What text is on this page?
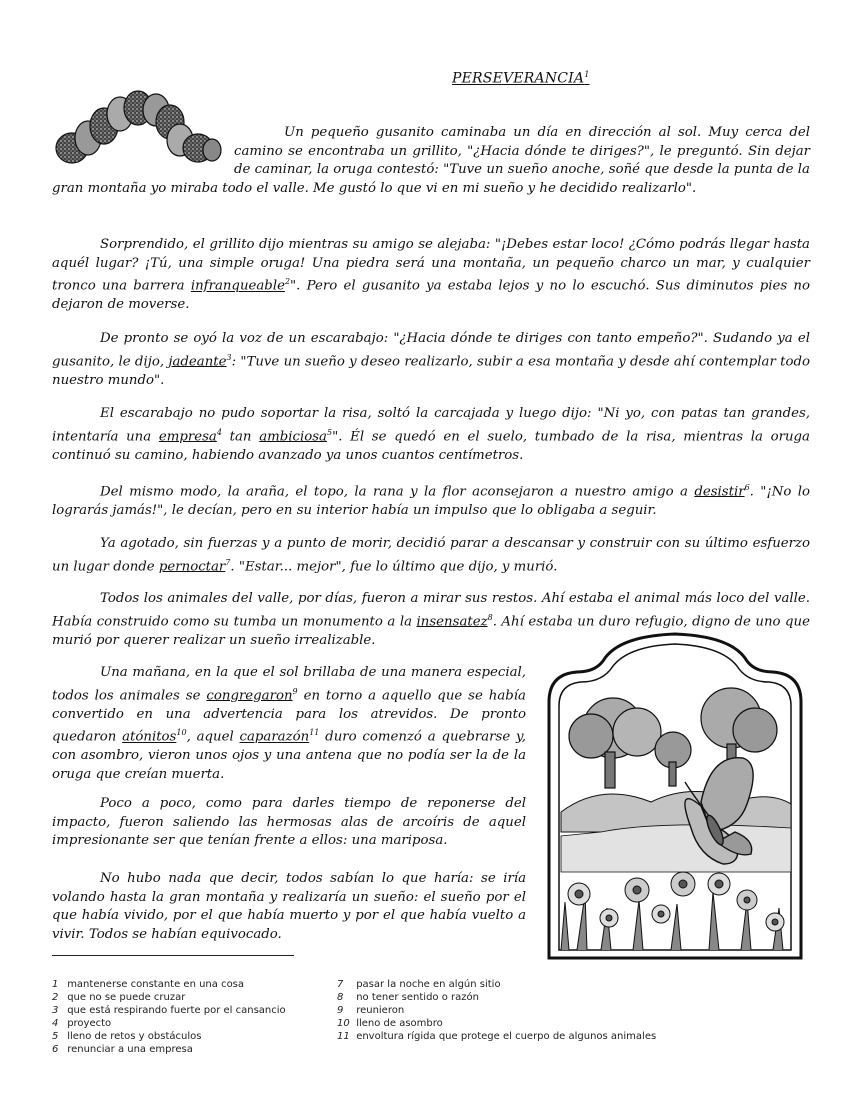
PERSEVERANCIA$^1$

Un pequeño gusanito caminaba un día en dirección al sol. Muy cerca del camino se encontraba un grillito, "¿Hacia dónde te diriges?", le preguntó. Sin dejar de caminar, la oruga contestó: "Tuve un sueño anoche, soñé que desde la punta de la gran montaña yo miraba todo el valle. Me gustó lo que vi en mi sueño y he decidido realizarlo".

Sorprendido, el grillito dijo mientras su amigo se alejaba: "¡Debes estar loco! ¿Cómo podrás llegar hasta aquél lugar? ¡Tú, una simple oruga! Una piedra será una montaña, un pequeño charco un mar, y cualquier tronco una barrera infranqueable$^2$". Pero el gusanito ya estaba lejos y no lo escuchó. Sus diminutos pies no dejaron de moverse.

De pronto se oyó la voz de un escarabajo: "¿Hacia dónde te diriges con tanto empeño?". Sudando ya el gusanito, le dijo, jadeante$^3$: "Tuve un sueño y deseo realizarlo, subir a esa montaña y desde ahí contemplar todo nuestro mundo".

El escarabajo no pudo soportar la risa, soltó la carcajada y luego dijo: "Ni yo, con patas tan grandes, intentaría una empresa$^4$ tan ambiciosa$^5$". Él se quedó en el suelo, tumbado de la risa, mientras la oruga continuó su camino, habiendo avanzado ya unos cuantos centímetros.

Del mismo modo, la araña, el topo, la rana y la flor aconsejaron a nuestro amigo a desistir$^6$. "¡No lo lograrás jamás!", le decían, pero en su interior había un impulso que lo obligaba a seguir.

Ya agotado, sin fuerzas y a punto de morir, decidió parar a descansar y construir con su último esfuerzo un lugar donde pernoctar$^7$. "Estar... mejor", fue lo último que dijo, y murió.

Todos los animales del valle, por días, fueron a mirar sus restos. Ahí estaba el animal más loco del valle. Había construido como su tumba un monumento a la insensatez$^8$. Ahí estaba un duro refugio, digno de uno que murió por querer realizar un sueño irrealizable.

Una mañana, en la que el sol brillaba de una manera especial, todos los animales se congregaron$^9$ en torno a aquello que se había convertido en una advertencia para los atrevidos. De pronto quedaron atónitos$^{10}$, aquel caparazón$^{11}$ duro comenzó a quebrarse y, con asombro, vieron unos ojos y una antena que no podía ser la de la oruga que creían muerta.

Poco a poco, como para darles tiempo de reponerse del impacto, fueron saliendo las hermosas alas de arcoíris de aquel impresionante ser que tenían frente a ellos: una mariposa.

No hubo nada que decir, todos sabían lo que haría: se iría volando hasta la gran montaña y realizaría un sueño: el sueño por el que había vivido, por el que había muerto y por el que había vuelto a vivir. Todos se habían equivocado.

1 mantenerse constante en una cosa
2 que no se puede cruzar
3 que está respirando fuerte por el cansancio
4 proyecto
5 lleno de retos y obstáculos
6 renunciar a una empresa
7 pasar la noche en algún sitio
8 no tener sentido o razón
9 reunieron
10 lleno de asombro
11 envoltura rígida que protege el cuerpo de algunos animales
